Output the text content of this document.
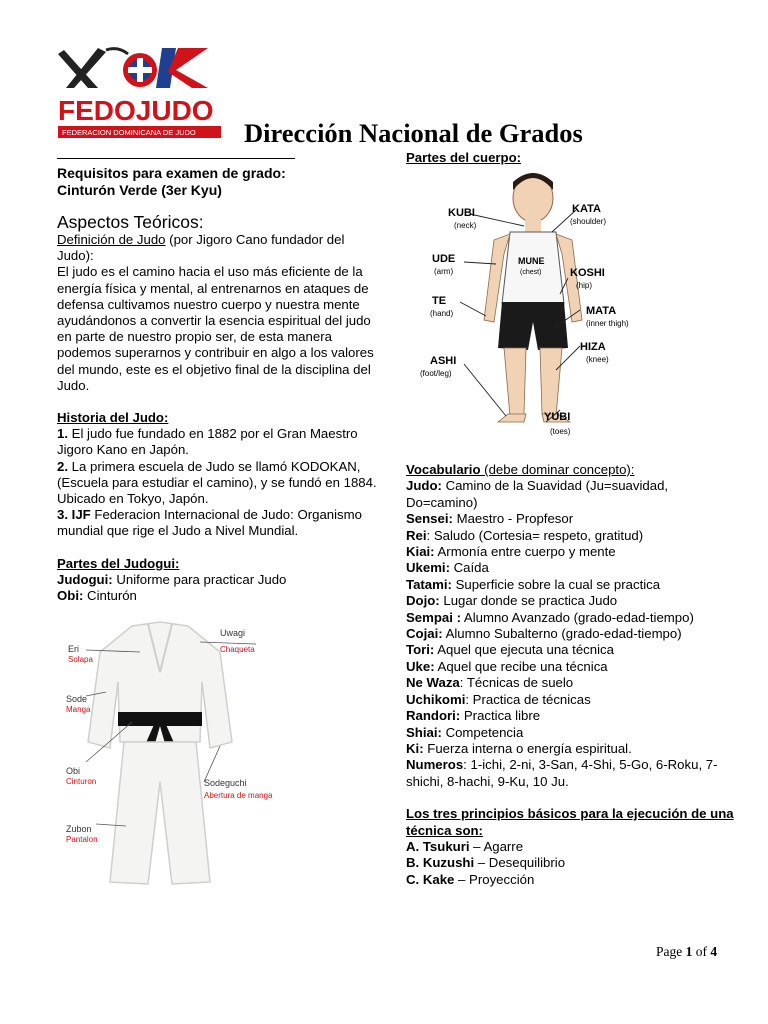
FEDOJUDO
FEDERACION DOMINICANA DE JUDO Dirección Nacional de Grados
Requisitos para examen de grado:
Cinturón Verde (3er Kyu)
Aspectos Teóricos:
Definición de Judo (por Jigoro Cano fundador del Judo):
El judo es el camino hacia el uso más eficiente de la energía física y mental, al entrenarnos en ataques de defensa cultivamos nuestro cuerpo y nuestra mente ayudándonos a convertir la esencia espiritual del judo en parte de nuestro propio ser, de esta manera podemos superarnos y contribuir en algo a los valores del mundo, este es el objetivo final de la disciplina del Judo.
Historia del Judo:
1. El judo fue fundado en 1882 por el Gran Maestro Jigoro Kano en Japón.
2. La primera escuela de Judo se llamó KODOKAN, (Escuela para estudiar el camino), y se fundó en 1884. Ubicado en Tokyo, Japón.
3. IJF Federacion Internacional de Judo: Organismo mundial que rige el Judo a Nivel Mundial.
Partes del Judogui:
Judogui: Uniforme para practicar Judo
Obi: Cinturón
Eri
Solapa
Uwagi
Chaqueta
Sode
Manga
Obi
Cinturon	Sodeguchi
Abertura de manga
Zubon
Pantalon
Partes del cuerpo:
KUBI
(neck)
KATA
(shoulder)
UDE
(arm)
MUNE
(chest)	KOSHI
(hip)
TE
(hand)	MATA
(inner thigh)
HIZA
(knee)
ASHI
(foot/leg)
YUBI
(toes)
Vocabulario (debe dominar concepto):
Judo: Camino de la Suavidad (Ju=suavidad, Do=camino)
Sensei: Maestro - Propfesor
Rei: Saludo (Cortesia= respeto, gratitud)
Kiai: Armonía entre cuerpo y mente
Ukemi: Caída
Tatami: Superficie sobre la cual se practica
Dojo: Lugar donde se practica Judo
Sempai : Alumno Avanzado (grado-edad-tiempo)
Cojai: Alumno Subalterno (grado-edad-tiempo)
Tori: Aquel que ejecuta una técnica
Uke: Aquel que recibe una técnica
Ne Waza: Técnicas de suelo
Uchikomi: Practica de técnicas
Randori: Practica libre
Shiai: Competencia
Ki: Fuerza interna o energía espiritual.
Numeros: 1-ichi, 2-ni, 3-San, 4-Shi, 5-Go, 6-Roku, 7-shichi, 8-hachi, 9-Ku, 10 Ju.
Los tres principios básicos para la ejecución de una técnica son:
A. Tsukuri – Agarre
B. Kuzushi – Desequilibrio
C. Kake – Proyección
Page 1 of 4
